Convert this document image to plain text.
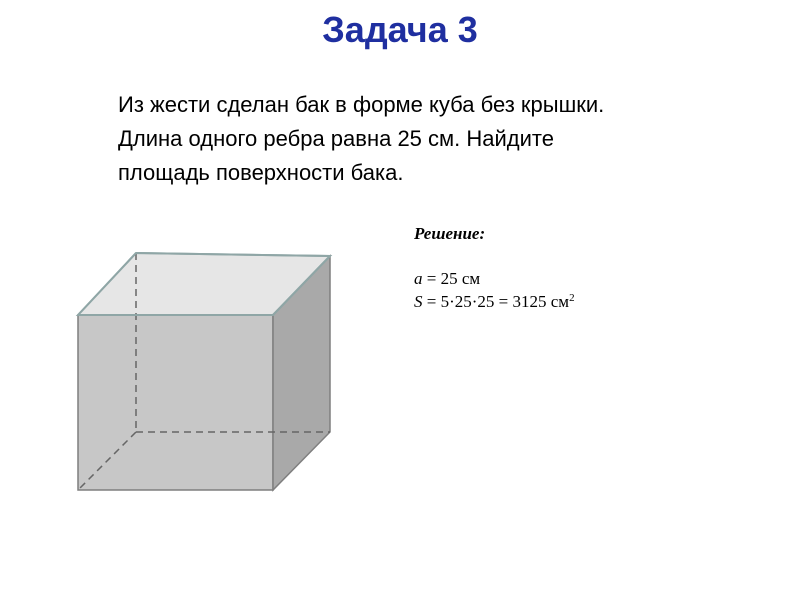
Задача 3
Из жести сделан бак в форме куба без крышки.
Длина одного ребра равна 25 см. Найдите
площадь поверхности бака.
Решение:
a = 25 см
S = 5·25·25 = 3125 $см^2$
